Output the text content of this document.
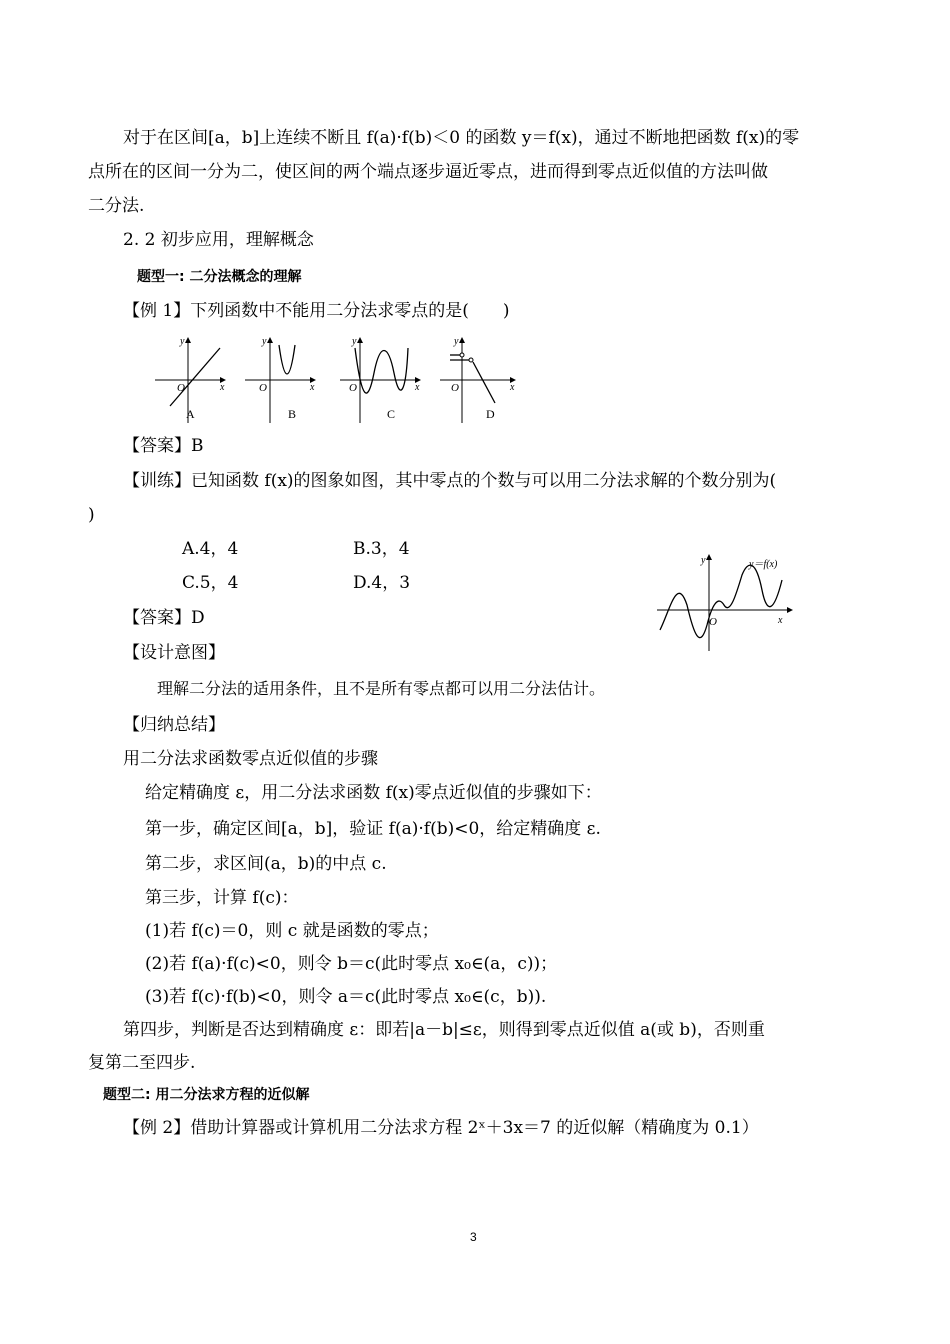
对于在区间[a，b]上连续不断且 f(a)·f(b)＜0 的函数 y＝f(x)，通过不断地把函数 f(x)的零
点所在的区间一分为二，使区间的两个端点逐步逼近零点，进而得到零点近似值的方法叫做
二分法.
2. 2 初步应用，理解概念
题型一: 二分法概念的理解
【例 1】下列函数中不能用二分法求零点的是(　　)
y
x
O
A
y
x
O
B
y
x
O
C
y
x
O
D
【答案】B
【训练】已知函数 f(x)的图象如图，其中零点的个数与可以用二分法求解的个数分别为(
)
A.4，4	B.3，4
C.5，4	D.4，3
y
x
O
y＝f(x)
【答案】D
【设计意图】
理解二分法的适用条件，且不是所有零点都可以用二分法估计。
【归纳总结】
用二分法求函数零点近似值的步骤
给定精确度 ε，用二分法求函数 f(x)零点近似值的步骤如下：
第一步，确定区间[a，b]，验证 f(a)·f(b)<0，给定精确度 ε.
第二步，求区间(a，b)的中点 c.
第三步，计算 f(c)：
(1)若 f(c)＝0，则 c 就是函数的零点；
(2)若 f(a)·f(c)<0，则令 b＝c(此时零点 x₀∈(a，c))；
(3)若 f(c)·f(b)<0，则令 a＝c(此时零点 x₀∈(c，b)).
第四步，判断是否达到精确度 ε：即若|a－b|≤ε，则得到零点近似值 a(或 b)，否则重
复第二至四步.
题型二: 用二分法求方程的近似解
【例 2】借助计算器或计算机用二分法求方程 2ˣ＋3x＝7 的近似解（精确度为 0.1）
3
